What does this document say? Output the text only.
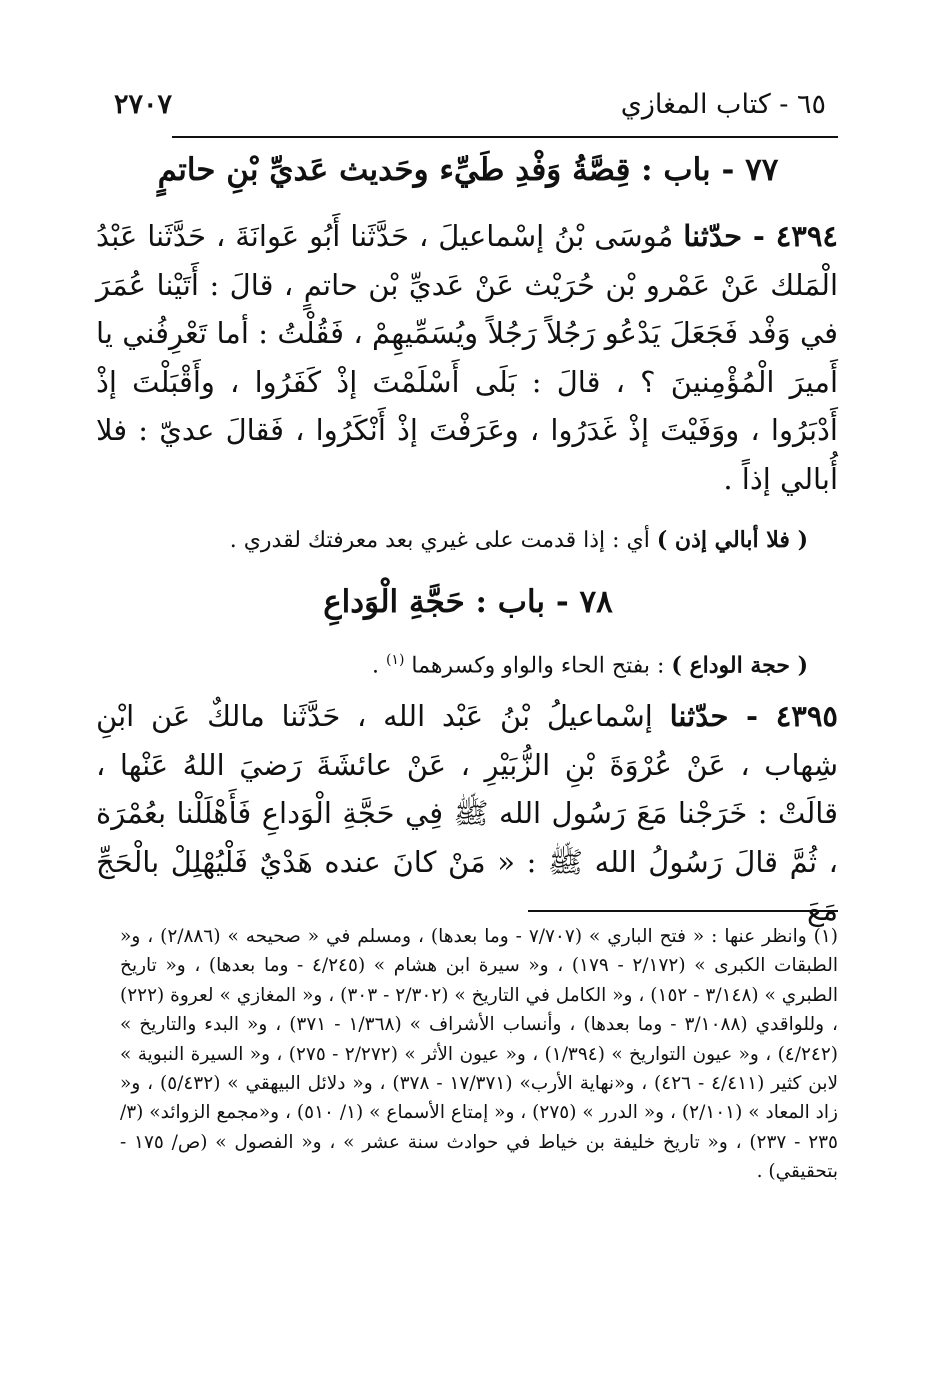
٦٥ - كتاب المغازي
٢٧٠٧
٧٧ - باب : قِصَّةُ وَفْدِ طَيِّء وحَديث عَديِّ بْنِ حاتمٍ
٤٣٩٤ - حدّثنا مُوسَى بْنُ إسْماعيلَ ، حَدَّثَنا أَبُو عَوانَةَ ، حَدَّثَنا عَبْدُ الْمَلك عَنْ عَمْرو بْن حُرَيْث عَنْ عَديِّ بْن حاتمٍ ، قالَ : أَتَيْنا عُمَرَ في وَفْد فَجَعَلَ يَدْعُو رَجُلاً رَجُلاً ويُسَمِّيهِمْ ، فَقُلْتُ : أما تَعْرِفُني يا أَميرَ الْمُؤْمِنينَ ؟ ، قالَ : بَلَى أَسْلَمْتَ إذْ كَفَرُوا ، وأَقْبَلْتَ إذْ أَدْبَرُوا ، ووَفَيْتَ إذْ غَدَرُوا ، وعَرَفْتَ إذْ أَنْكَرُوا ، فَقالَ عديّ : فلا أُبالي إذاً .
( فلا أبالي إذن ) أي : إذا قدمت على غيري بعد معرفتك لقدري .
٧٨ - باب : حَجَّةِ الْوَداعِ
( حجة الوداع ) : بفتح الحاء والواو وكسرهما $^{(١)}$ .
٤٣٩٥ - حدّثنا إسْماعيلُ بْنُ عَبْد الله ، حَدَّثَنا مالكٌ عَن ابْنِ شِهاب ، عَنْ عُرْوَةَ بْنِ الزُّبَيْرِ ، عَنْ عائشَةَ رَضيَ اللهُ عَنْها ، قالَتْ : خَرَجْنا مَعَ رَسُول الله ﷺ فِي حَجَّةِ الْوَداعِ فَأَهْلَلْنا بعُمْرَة ، ثُمَّ قالَ رَسُولُ الله ﷺ : « مَنْ كانَ عنده هَدْيٌ فَلْيُهْلِلْ بالْحَجِّ مَعَ
(١) وانظر عنها : « فتح الباري » (٧/٧٠٧ - وما بعدها) ، ومسلم في « صحيحه » (٢/٨٨٦) ، و« الطبقات الكبرى » (٢/١٧٢ - ١٧٩) ، و« سيرة ابن هشام » (٤/٢٤٥ - وما بعدها) ، و« تاريخ الطبري » (٣/١٤٨ - ١٥٢) ، و« الكامل في التاريخ » (٢/٣٠٢ - ٣٠٣) ، و« المغازي » لعروة (٢٢٢) ، وللواقدي (٣/١٠٨٨ - وما بعدها) ، وأنساب الأشراف » (١/٣٦٨ - ٣٧١) ، و« البدء والتاريخ » (٤/٢٤٢) ، و« عيون التواريخ » (١/٣٩٤) ، و« عيون الأثر » (٢/٢٧٢ - ٢٧٥) ، و« السيرة النبوية » لابن كثير (٤/٤١١ - ٤٢٦) ، و«نهاية الأرب» (١٧/٣٧١ - ٣٧٨) ، و« دلائل البيهقي » (٥/٤٣٢) ، و« زاد المعاد » (٢/١٠١) ، و« الدرر » (٢٧٥) ، و« إمتاع الأسماع » (١/ ٥١٠) ، و«مجمع الزوائد» (٣/ ٢٣٥ - ٢٣٧) ، و« تاريخ خليفة بن خياط في حوادث سنة عشر » ، و« الفصول » (ص/ ١٧٥ - بتحقيقي) .
